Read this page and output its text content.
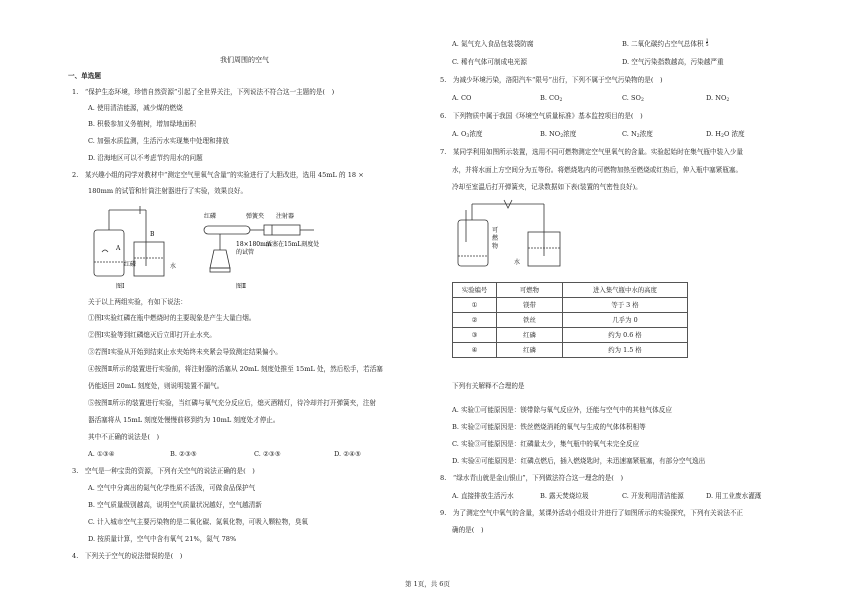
我们周围的空气
一、单选题
1.　“保护生态环境，珍惜自然资源”引起了全世界关注，下列说法不符合这一主题的是(　)
A. 使用清洁能源，减少煤的燃烧
B. 积极参加义务植树，增加绿地面积
C. 加强水质监测，生活污水实现集中处理和排放
D. 沿海地区可以不考虑节约用水的问题
2.　某兴趣小组的同学对教材中“测定空气里氧气含量”的实验进行了大胆改进，选用 45mL 的 18 ×
180mm 的试管和针筒注射器进行了实验，效果良好。
A
B
红磷	水
图Ⅰ
红磷	弹簧夹 注射器
18×180mm
的试管
活塞在15mL刻度处
图Ⅱ
关于以上两组实验，有如下说法：
①图Ⅰ实验红磷在瓶中燃烧时的主要现象是产生大量白烟。
②图Ⅰ实验等到红磷熄灭后立即打开止水夹。
③若图Ⅰ实验从开始到结束止水夹始终未夹紧会导致测定结果偏小。
④按图Ⅱ所示的装置进行实验前，将注射器的活塞从 20mL 刻度处推至 15mL 处，然后松手，若活塞
仍能返回 20mL 刻度处，则说明装置不漏气。
⑤按图Ⅱ所示的装置进行实验，当红磷与氧气充分反应后，熄灭酒精灯，待冷却并打开弹簧夹，注射
器活塞将从 15mL 刻度处慢慢前移到约为 10mL 刻度处才停止。
其中不正确的说法是(　)
A. ①③④	B. ②③⑤	C. ②③⑤	D. ②④⑤
3.　空气是一种宝贵的资源，下列有关空气的说法正确的是(　)
A. 空气中分离出的氮气化学性质不活泼，可做食品保护气
B. 空气质量级别越高，说明空气质量状况越好，空气越清新
C. 计入城市空气主要污染物的是二氧化碳、氮氧化物，可吸入颗粒物，臭氧
D. 按质量计算，空气中含有氧气 21%，氮气 78%
4.　下列关于空气的说法错误的是(　)
A. 氮气充入食品包装袋防腐	B. 二氧化碳约占空气总体积 1
5
C. 稀有气体可制成电光源	D. 空气污染指数越高，污染越严重
5.　为减少环境污染，洛阳汽车“限号”出行，下列不属于空气污染物的是(　)
A. CO	B. $CO_2$	C. $SO_2$	D. $NO_2$
6.　下列物质中属于我国《环境空气质量标准》基本监控项目的是(　)
A. $O_3$浓度	B. $NO_2$浓度	C. $N_2$浓度	D. $H_2O$ 浓度
7.　某同学利用如图所示装置，选用不同可燃物测定空气里氧气的含量。实验起始时在集气瓶中装入少量
水，并将水面上方空间分为五等份。将燃烧匙内的可燃物加热至燃烧或红热后，伸入瓶中塞紧瓶塞。
冷却至室温后打开弹簧夹，记录数据如下表(装置的气密性良好)。
可
燃
物
水
实验编号	可燃物	进入集气瓶中水的高度
①	镁带	等于 3 格
②	铁丝	几乎为 0
③	红磷	约为 0.6 格
④	红磷	约为 1.5 格
下列有关解释不合理的是
A. 实验①可能原因是：镁带除与氧气反应外，还能与空气中的其他气体反应
B. 实验②可能原因是：铁丝燃烧消耗的氧气与生成的气体体积相等
C. 实验③可能原因是：红磷量太少，集气瓶中的氧气未完全反应
D. 实验④可能原因是：红磷点燃后，插入燃烧匙时，未迅速塞紧瓶塞，有部分空气逸出
8.　“绿水青山就是金山银山”，下列做法符合这一理念的是(　)
A. 直接排放生活污水	B. 露天焚烧垃圾	C. 开发利用清洁能源	D. 用工业废水灌溉
9.　为了测定空气中氧气的含量，某课外活动小组设计并进行了如图所示的实验探究，下列有关说法不正
确的是(　)
第 1页，共 6页
